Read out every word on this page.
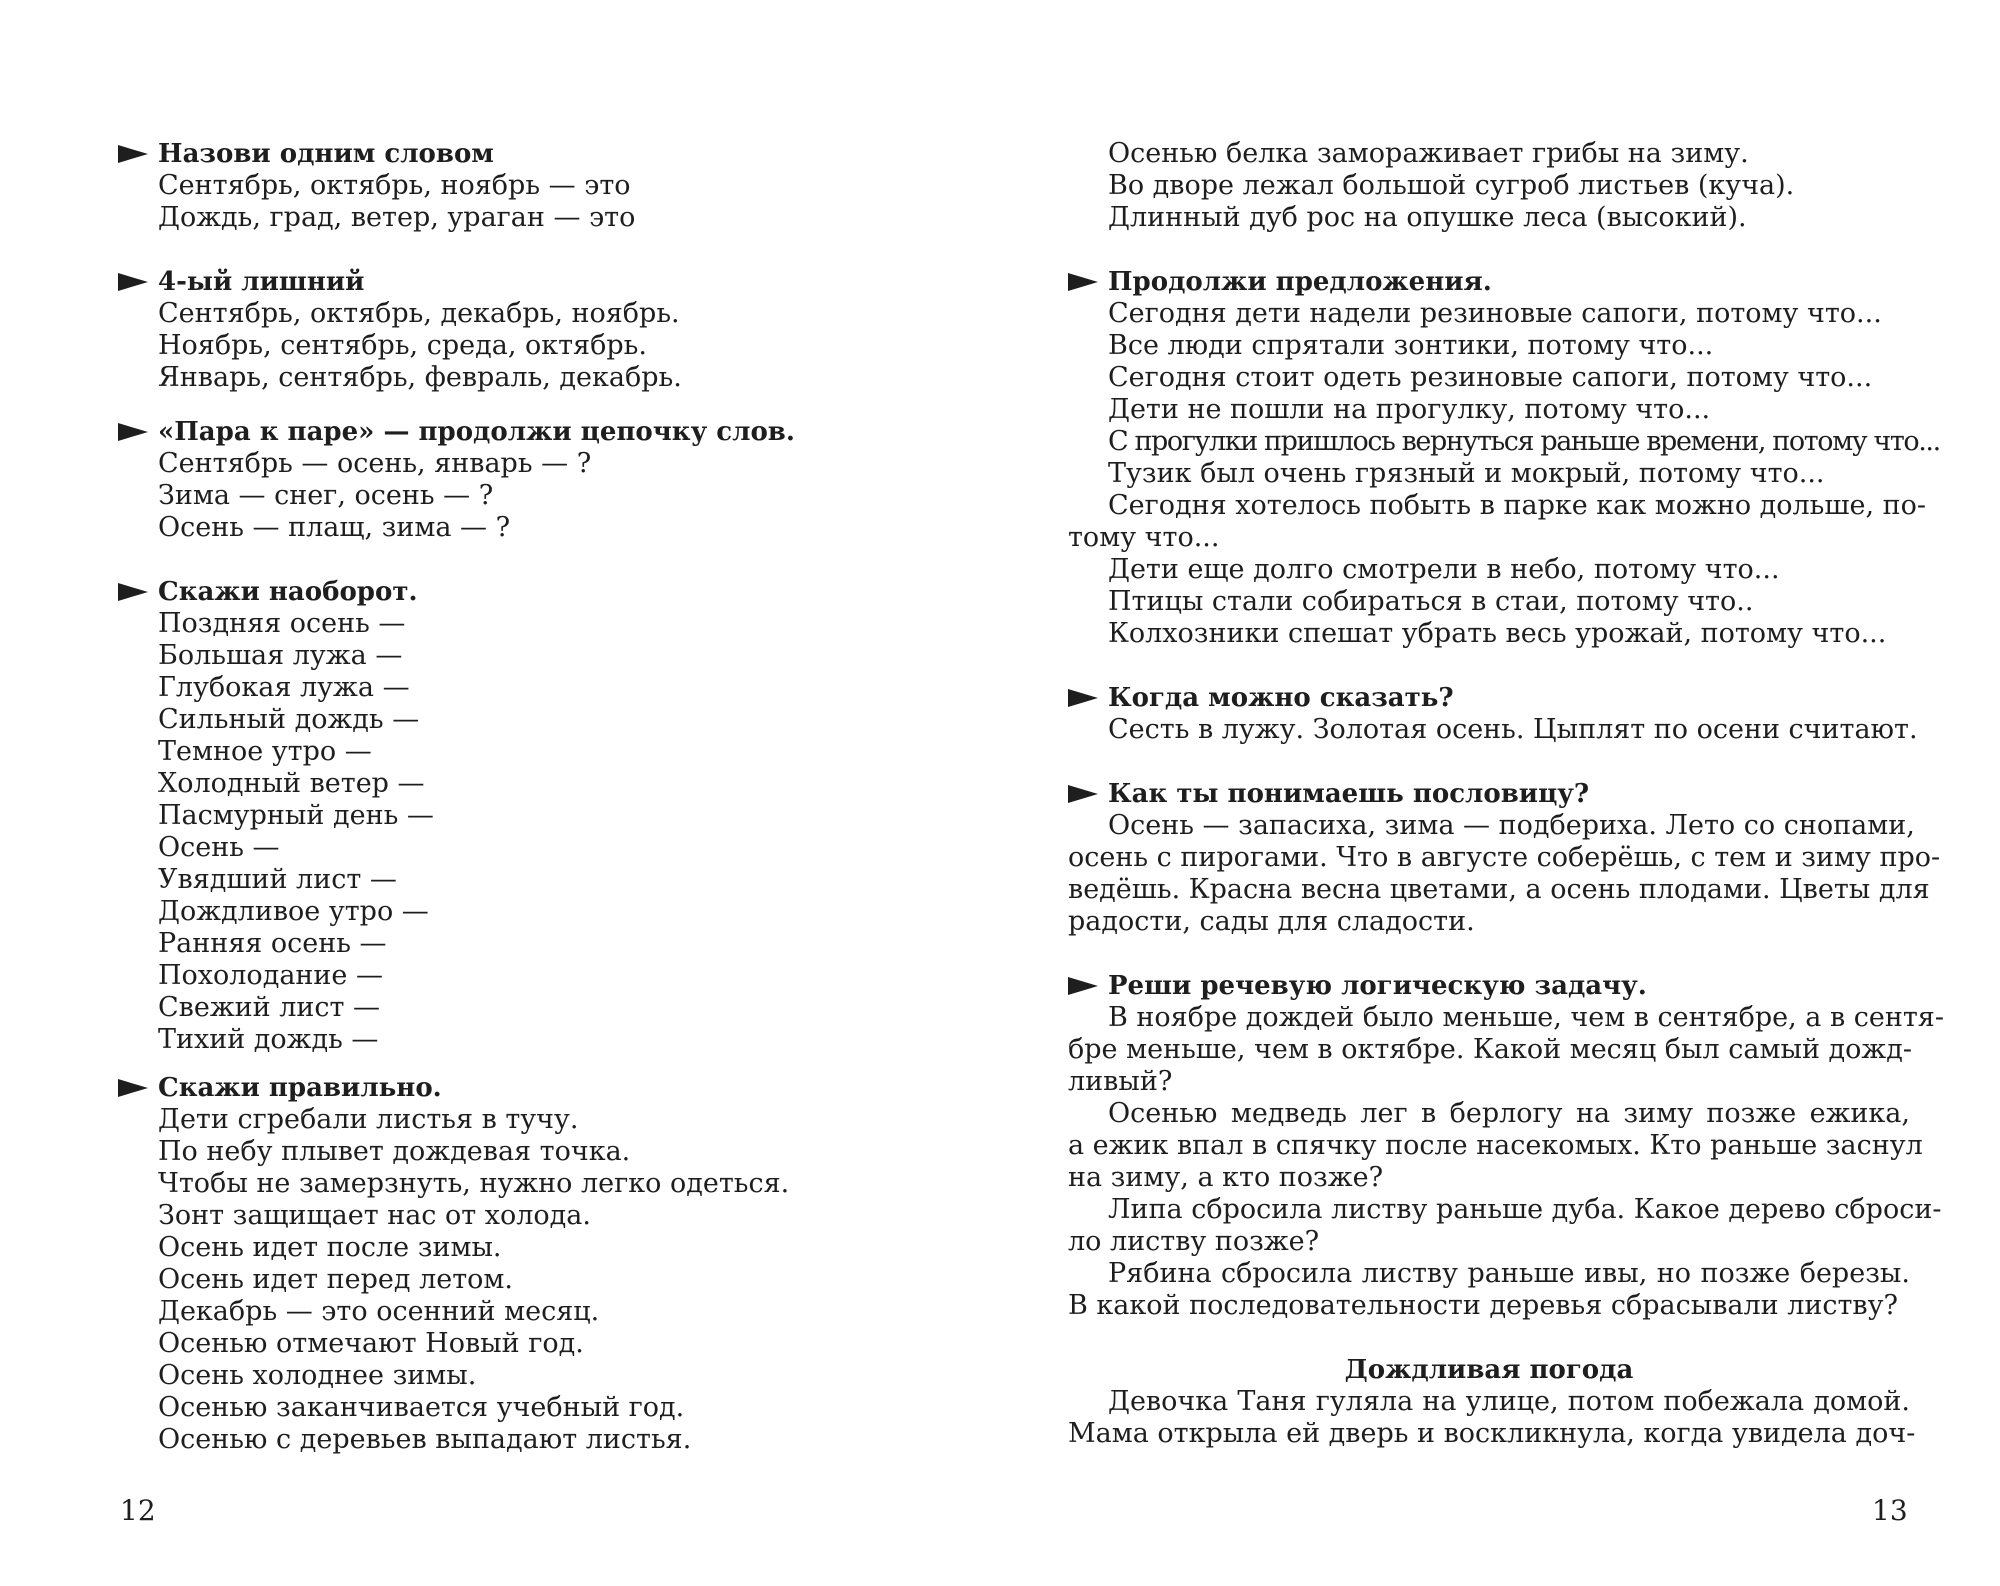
Назови одним словом
Сентябрь, октябрь, ноябрь — это
Дождь, град, ветер, ураган — это
4-ый лишний
Сентябрь, октябрь, декабрь, ноябрь.
Ноябрь, сентябрь, среда, октябрь.
Январь, сентябрь, февраль, декабрь.
«Пара к паре» — продолжи цепочку слов.
Сентябрь — осень, январь — ?
Зима — снег, осень — ?
Осень — плащ, зима — ?
Скажи наоборот.
Поздняя осень —
Большая лужа —
Глубокая лужа —
Сильный дождь —
Темное утро —
Холодный ветер —
Пасмурный день —
Осень —
Увядший лист —
Дождливое утро —
Ранняя осень —
Похолодание —
Свежий лист —
Тихий дождь —
Скажи правильно.
Дети сгребали листья в тучу.
По небу плывет дождевая точка.
Чтобы не замерзнуть, нужно легко одеться.
Зонт защищает нас от холода.
Осень идет после зимы.
Осень идет перед летом.
Декабрь — это осенний месяц.
Осенью отмечают Новый год.
Осень холоднее зимы.
Осенью заканчивается учебный год.
Осенью с деревьев выпадают листья.
12
Осенью белка замораживает грибы на зиму.
Во дворе лежал большой сугроб листьев (куча).
Длинный дуб рос на опушке леса (высокий).
Продолжи предложения.
Сегодня дети надели резиновые сапоги, потому что...
Все люди спрятали зонтики, потому что...
Сегодня стоит одеть резиновые сапоги, потому что...
Дети не пошли на прогулку, потому что...
С прогулки пришлось вернуться раньше времени, потому что...
Тузик был очень грязный и мокрый, потому что...
Сегодня хотелось побыть в парке как можно дольше, по-
тому что...
Дети еще долго смотрели в небо, потому что...
Птицы стали собираться в стаи, потому что..
Колхозники спешат убрать весь урожай, потому что...
Когда можно сказать?
Сесть в лужу. Золотая осень. Цыплят по осени считают.
Как ты понимаешь пословицу?
Осень — запасиха, зима — подбериха. Лето со снопами,
осень с пирогами. Что в августе соберёшь, с тем и зиму про-
ведёшь. Красна весна цветами, а осень плодами. Цветы для
радости, сады для сладости.
Реши речевую логическую задачу.
В ноябре дождей было меньше, чем в сентябре, а в сентя-
бре меньше, чем в октябре. Какой месяц был самый дожд-
ливый?
Осенью медведь лег в берлогу на зиму позже ежика,
а ежик впал в спячку после насекомых. Кто раньше заснул
на зиму, а кто позже?
Липа сбросила листву раньше дуба. Какое дерево сброси-
ло листву позже?
Рябина сбросила листву раньше ивы, но позже березы.
В какой последовательности деревья сбрасывали листву?
Дождливая погода
Девочка Таня гуляла на улице, потом побежала домой.
Мама открыла ей дверь и воскликнула, когда увидела доч-
13
